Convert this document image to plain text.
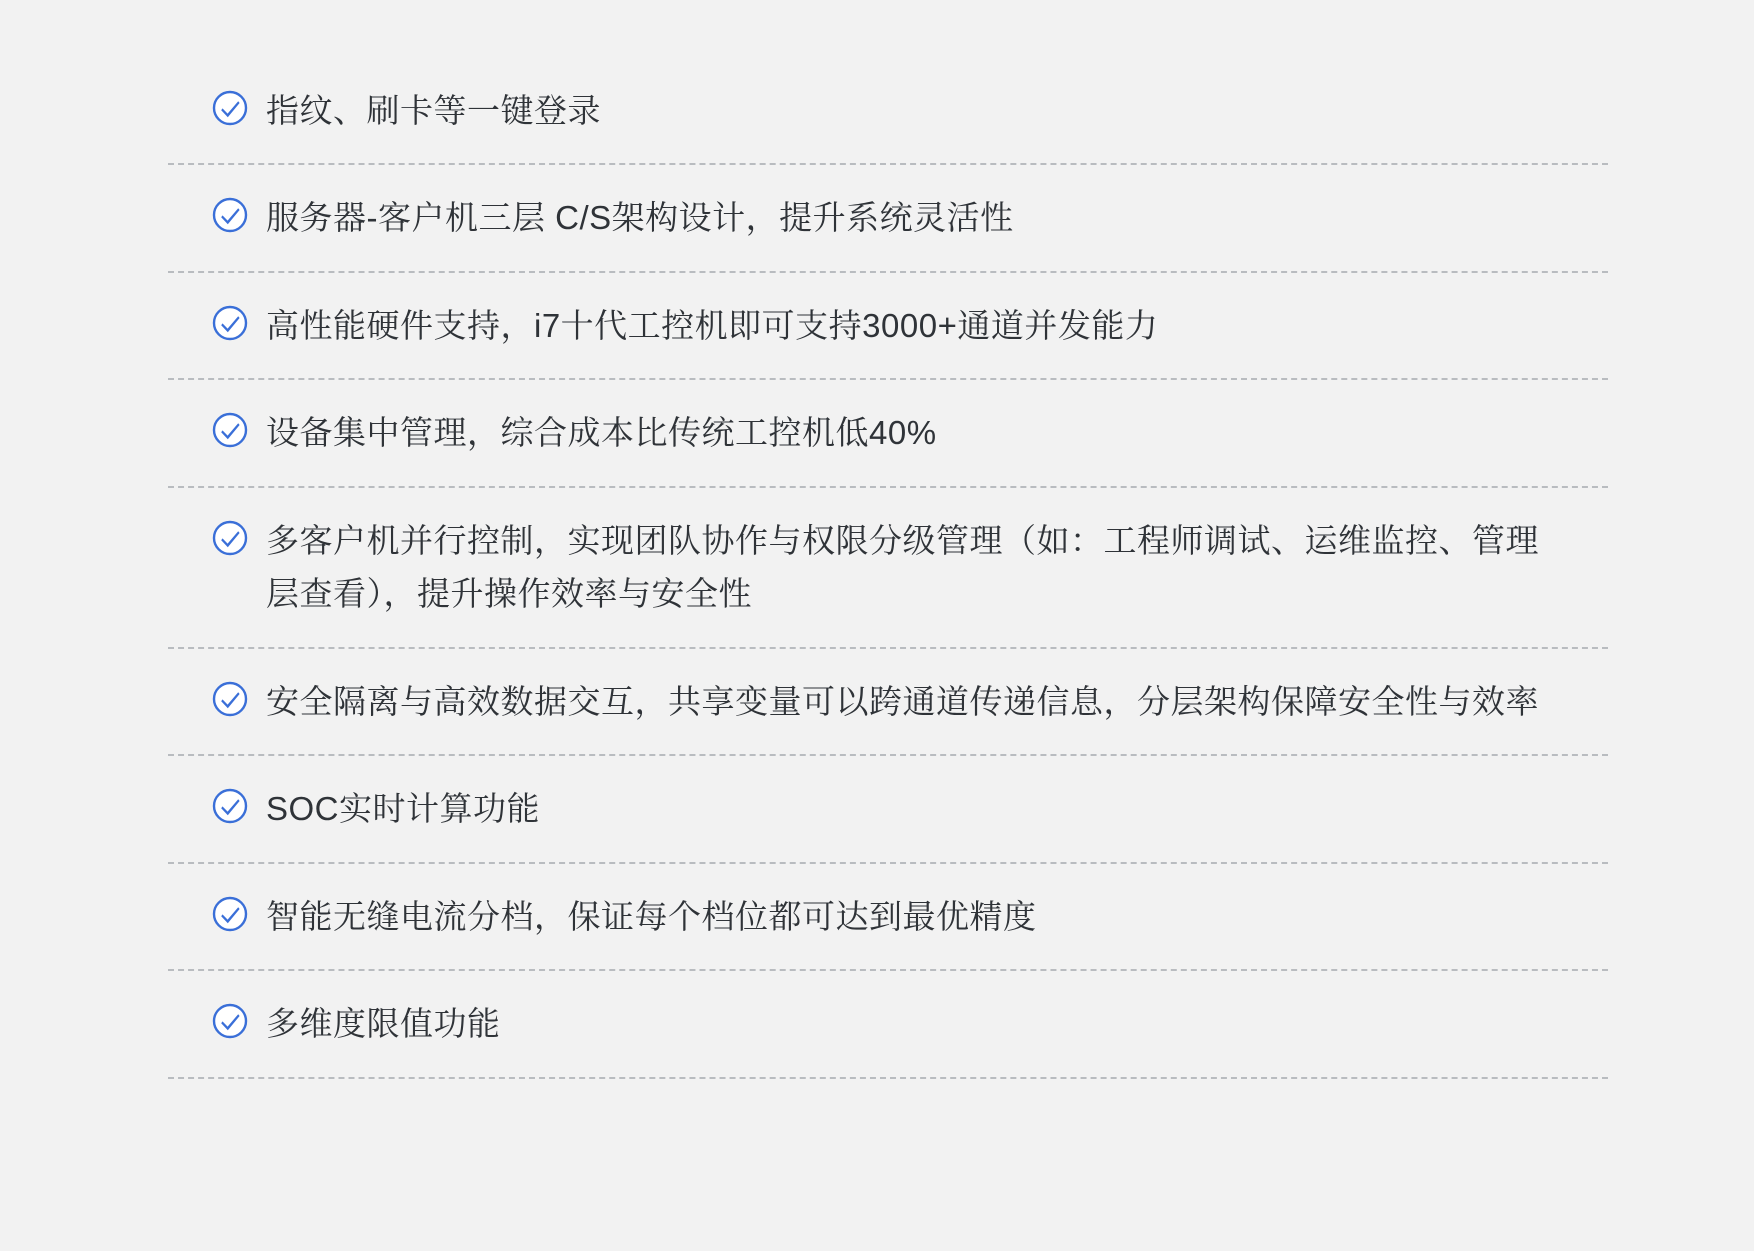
指纹、刷卡等一键登录
服务器-客户机三层 C/S架构设计，提升系统灵活性
高性能硬件支持，i7十代工控机即可支持3000+通道并发能力
设备集中管理，综合成本比传统工控机低40%
多客户机并行控制，实现团队协作与权限分级管理（如：工程师调试、运维监控、管理层查看），提升操作效率与安全性
安全隔离与高效数据交互，共享变量可以跨通道传递信息，分层架构保障安全性与效率
SOC实时计算功能
智能无缝电流分档，保证每个档位都可达到最优精度
多维度限值功能
